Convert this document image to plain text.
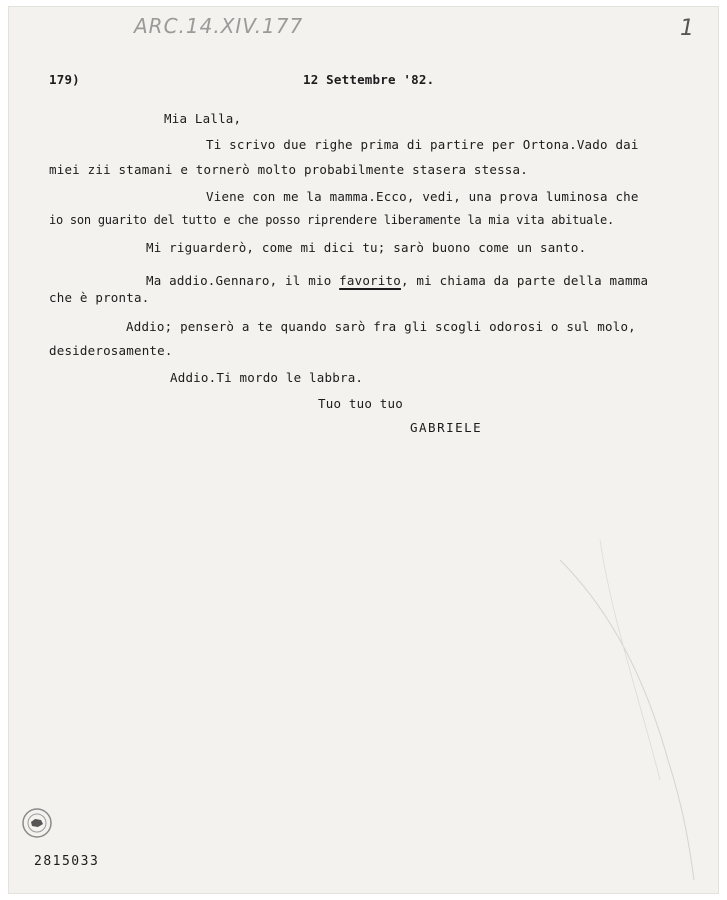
ARC.14.XIV.177	1
179)	12 Settembre '82.
Mia Lalla,
Ti scrivo due righe prima di partire per Ortona.Vado dai
miei zii stamani e tornerò molto probabilmente stasera stessa.
Viene con me la mamma.Ecco, vedi, una prova luminosa che
io son guarito del tutto e che posso riprendere liberamente la mia vita abituale.
Mi riguarderò, come mi dici tu; sarò buono come un santo.
Ma addio.Gennaro, il mio favorito, mi chiama da parte della mamma
che è pronta.
Addio; penserò a te quando sarò fra gli scogli odorosi o sul molo,
desiderosamente.
Addio.Ti mordo le labbra.
Tuo tuo tuo
GABRIELE
2815033
